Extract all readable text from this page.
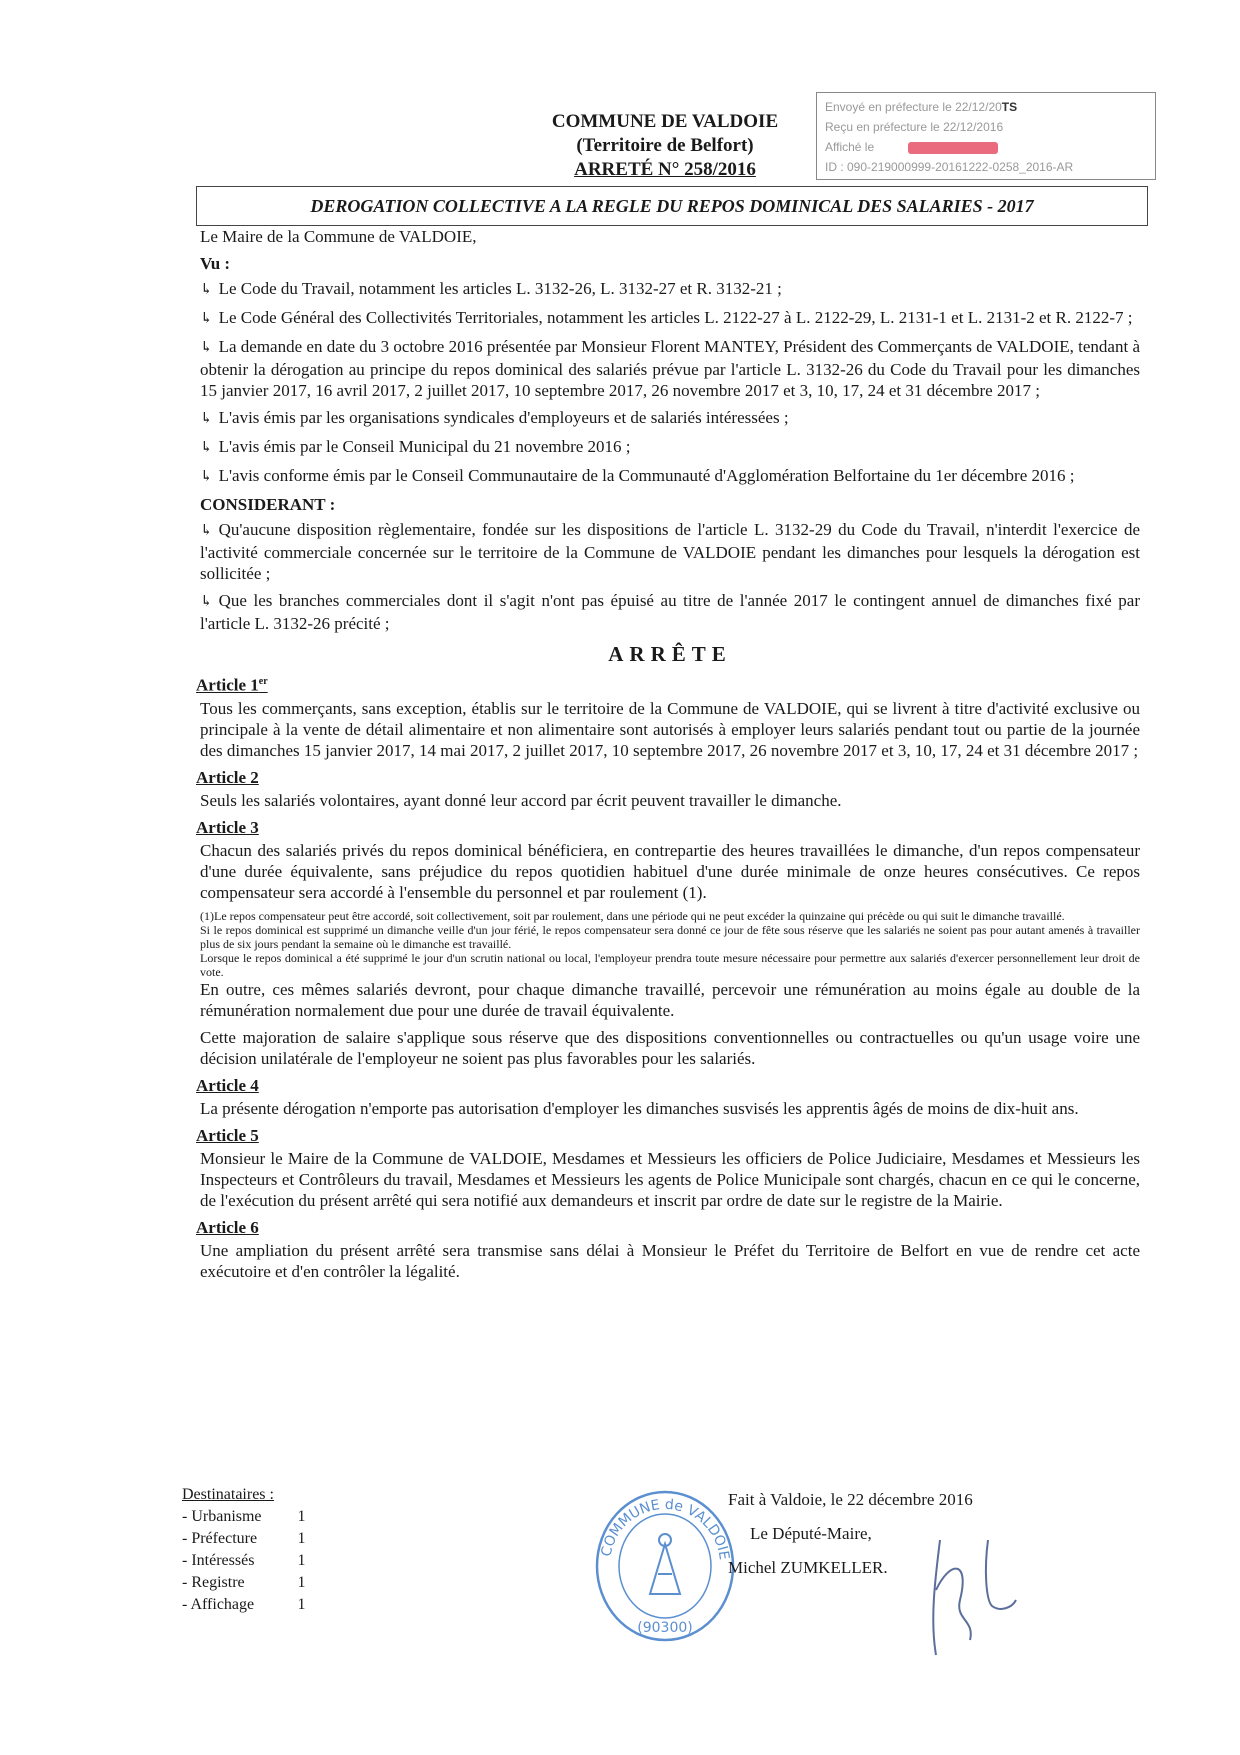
COMMUNE DE VALDOIE
(Territoire de Belfort)
ARRETÉ N° 258/2016
Envoyé en préfecture le 22/12/20TS
Reçu en préfecture le 22/12/2016
Affiché le
ID : 090-219000999-20161222-0258_2016-AR
DEROGATION COLLECTIVE A LA REGLE DU REPOS DOMINICAL DES SALARIES - 2017

Le Maire de la Commune de VALDOIE,

Vu :

↳ Le Code du Travail, notamment les articles L. 3132-26, L. 3132-27 et R. 3132-21 ;

↳ Le Code Général des Collectivités Territoriales, notamment les articles L. 2122-27 à L. 2122-29, L. 2131-1 et L. 2131-2 et R. 2122-7 ;

↳ La demande en date du 3 octobre 2016 présentée par Monsieur Florent MANTEY, Président des Commerçants de VALDOIE, tendant à obtenir la dérogation au principe du repos dominical des salariés prévue par l'article L. 3132-26 du Code du Travail pour les dimanches 15 janvier 2017, 16 avril 2017, 2 juillet 2017, 10 septembre 2017, 26 novembre 2017 et 3, 10, 17, 24 et 31 décembre 2017 ;

↳ L'avis émis par les organisations syndicales d'employeurs et de salariés intéressées ;

↳ L'avis émis par le Conseil Municipal du 21 novembre 2016 ;

↳ L'avis conforme émis par le Conseil Communautaire de la Communauté d'Agglomération Belfortaine du 1er décembre 2016 ;

CONSIDERANT :

↳ Qu'aucune disposition règlementaire, fondée sur les dispositions de l'article L. 3132-29 du Code du Travail, n'interdit l'exercice de l'activité commerciale concernée sur le territoire de la Commune de VALDOIE pendant les dimanches pour lesquels la dérogation est sollicitée ;

↳ Que les branches commerciales dont il s'agit n'ont pas épuisé au titre de l'année 2017 le contingent annuel de dimanches fixé par l'article L. 3132-26 précité ;

ARRÊTE
Article 1er

Tous les commerçants, sans exception, établis sur le territoire de la Commune de VALDOIE, qui se livrent à titre d'activité exclusive ou principale à la vente de détail alimentaire et non alimentaire sont autorisés à employer leurs salariés pendant tout ou partie de la journée des dimanches 15 janvier 2017, 14 mai 2017, 2 juillet 2017, 10 septembre 2017, 26 novembre 2017 et 3, 10, 17, 24 et 31 décembre 2017 ;

Article 2

Seuls les salariés volontaires, ayant donné leur accord par écrit peuvent travailler le dimanche.

Article 3

Chacun des salariés privés du repos dominical bénéficiera, en contrepartie des heures travaillées le dimanche, d'un repos compensateur d'une durée équivalente, sans préjudice du repos quotidien habituel d'une durée minimale de onze heures consécutives. Ce repos compensateur sera accordé à l'ensemble du personnel et par roulement (1).

(1)Le repos compensateur peut être accordé, soit collectivement, soit par roulement, dans une période qui ne peut excéder la quinzaine qui précède ou qui suit le dimanche travaillé.

Si le repos dominical est supprimé un dimanche veille d'un jour férié, le repos compensateur sera donné ce jour de fête sous réserve que les salariés ne soient pas pour autant amenés à travailler plus de six jours pendant la semaine où le dimanche est travaillé.

Lorsque le repos dominical a été supprimé le jour d'un scrutin national ou local, l'employeur prendra toute mesure nécessaire pour permettre aux salariés d'exercer personnellement leur droit de vote.

En outre, ces mêmes salariés devront, pour chaque dimanche travaillé, percevoir une rémunération au moins égale au double de la rémunération normalement due pour une durée de travail équivalente.

Cette majoration de salaire s'applique sous réserve que des dispositions conventionnelles ou contractuelles ou qu'un usage voire une décision unilatérale de l'employeur ne soient pas plus favorables pour les salariés.

Article 4

La présente dérogation n'emporte pas autorisation d'employer les dimanches susvisés les apprentis âgés de moins de dix-huit ans.

Article 5

Monsieur le Maire de la Commune de VALDOIE, Mesdames et Messieurs les officiers de Police Judiciaire, Mesdames et Messieurs les Inspecteurs et Contrôleurs du travail, Mesdames et Messieurs les agents de Police Municipale sont chargés, chacun en ce qui le concerne, de l'exécution du présent arrêté qui sera notifié aux demandeurs et inscrit par ordre de date sur le registre de la Mairie.

Article 6

Une ampliation du présent arrêté sera transmise sans délai à Monsieur le Préfet du Territoire de Belfort en vue de rendre cet acte exécutoire et d'en contrôler la légalité.

Destinataires :
- Urbanisme	1
- Préfecture	1
- Intéressés	1
- Registre	1
- Affichage	1
COMMUNE de VALDOIE
(90300)
Fait à Valdoie, le 22 décembre 2016
Le Député-Maire,
Michel ZUMKELLER.
